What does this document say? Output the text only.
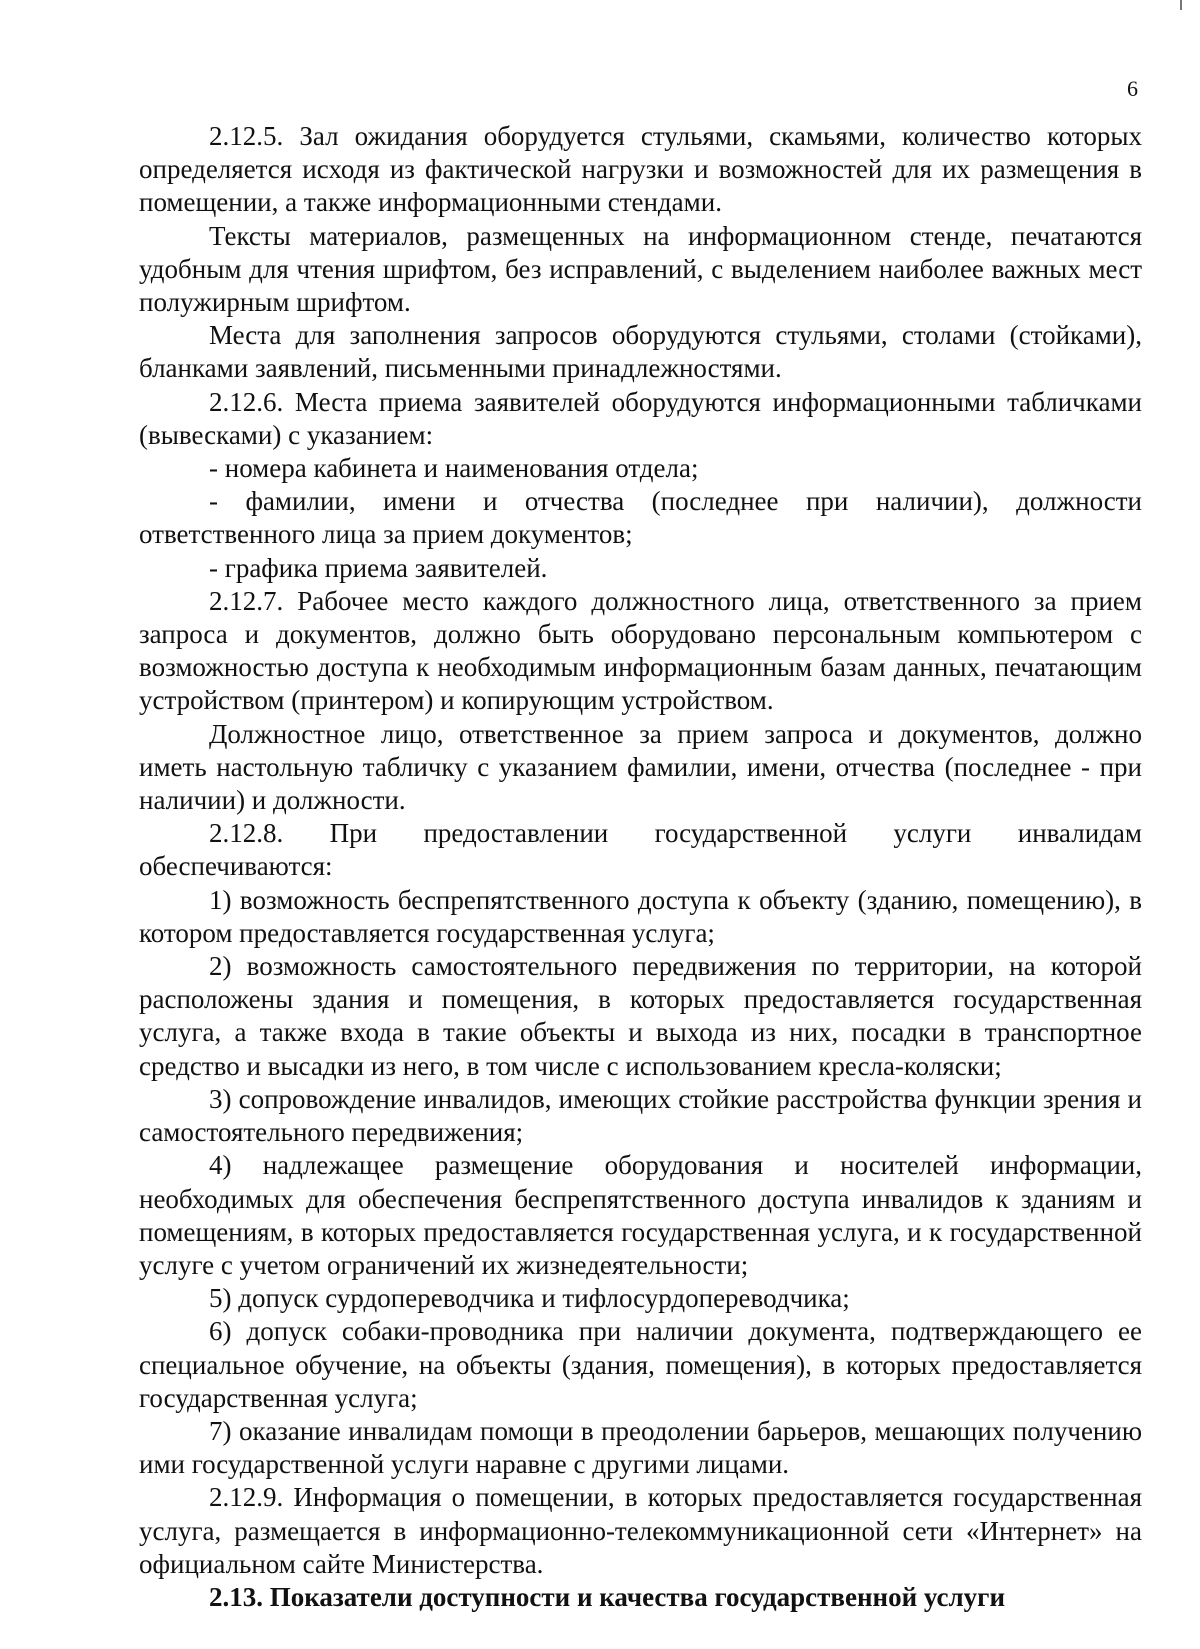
6

2.12.5. Зал ожидания оборудуется стульями, скамьями, количество которых определяется исходя из фактической нагрузки и возможностей для их размещения в помещении, а также информационными стендами.

Тексты материалов, размещенных на информационном стенде, печатаются удобным для чтения шрифтом, без исправлений, с выделением наиболее важных мест полужирным шрифтом.

Места для заполнения запросов оборудуются стульями, столами (стойками), бланками заявлений, письменными принадлежностями.

2.12.6. Места приема заявителей оборудуются информационными табличками (вывесками) с указанием:

- номера кабинета и наименования отдела;

- фамилии, имени и отчества (последнее при наличии), должности ответственного лица за прием документов;

- графика приема заявителей.

2.12.7. Рабочее место каждого должностного лица, ответственного за прием запроса и документов, должно быть оборудовано персональным компьютером с возможностью доступа к необходимым информационным базам данных, печатающим устройством (принтером) и копирующим устройством.

Должностное лицо, ответственное за прием запроса и документов, должно иметь настольную табличку с указанием фамилии, имени, отчества (последнее - при наличии) и должности.

2.12.8. При предоставлении государственной услуги инвалидам обеспечиваются:

1) возможность беспрепятственного доступа к объекту (зданию, помещению), в котором предоставляется государственная услуга;

2) возможность самостоятельного передвижения по территории, на которой расположены здания и помещения, в которых предоставляется государственная услуга, а также входа в такие объекты и выхода из них, посадки в транспортное средство и высадки из него, в том числе с использованием кресла-коляски;

3) сопровождение инвалидов, имеющих стойкие расстройства функции зрения и самостоятельного передвижения;

4) надлежащее размещение оборудования и носителей информации, необходимых для обеспечения беспрепятственного доступа инвалидов к зданиям и помещениям, в которых предоставляется государственная услуга, и к государственной услуге с учетом ограничений их жизнедеятельности;

5) допуск сурдопереводчика и тифлосурдопереводчика;

6) допуск собаки-проводника при наличии документа, подтверждающего ее специальное обучение, на объекты (здания, помещения), в которых предоставляется государственная услуга;

7) оказание инвалидам помощи в преодолении барьеров, мешающих получению ими государственной услуги наравне с другими лицами.

2.12.9. Информация о помещении, в которых предоставляется государственная услуга, размещается в информационно-телекоммуникационной сети «Интернет» на официальном сайте Министерства.

2.13. Показатели доступности и качества государственной услуги
